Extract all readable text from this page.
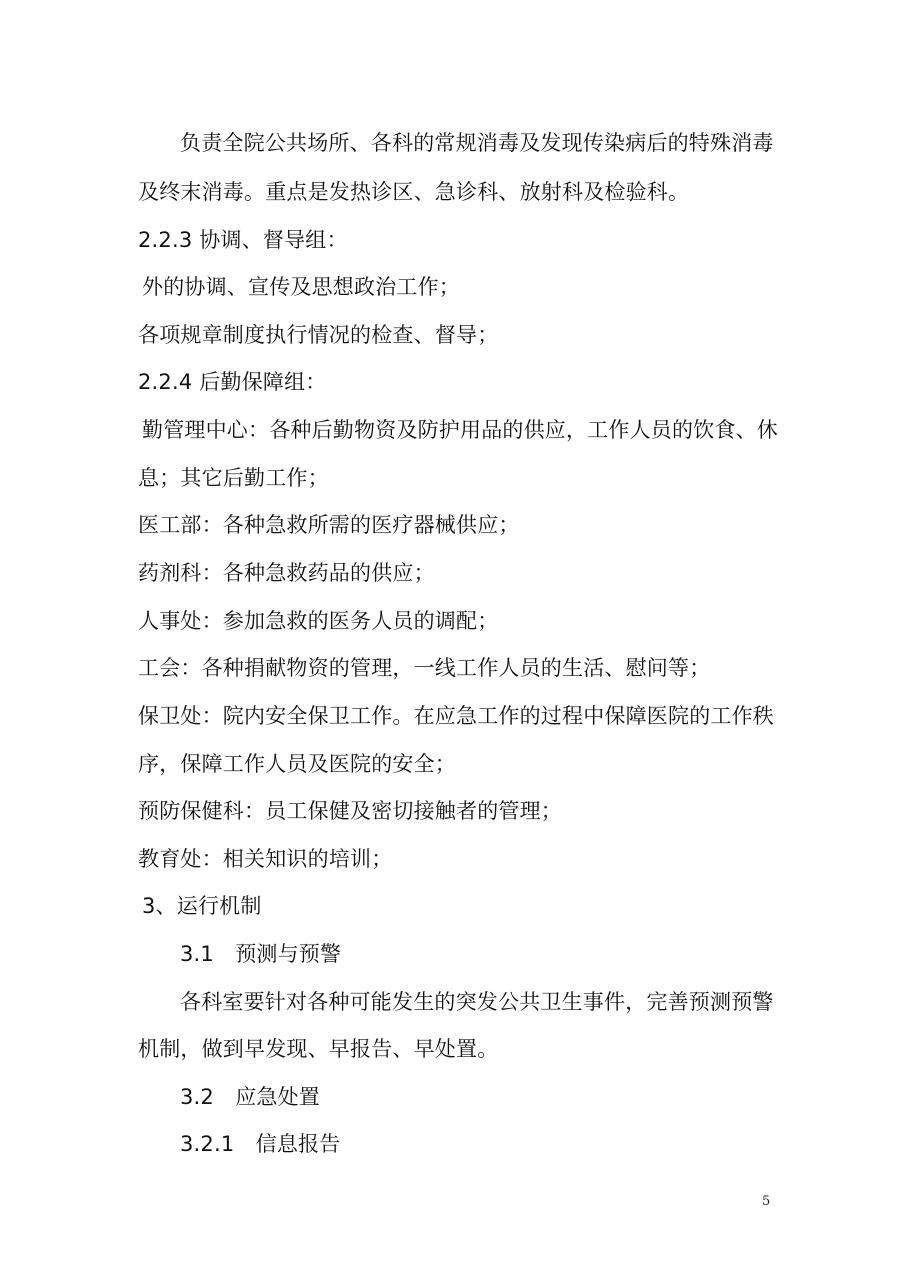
负责全院公共场所、各科的常规消毒及发现传染病后的特殊消毒
及终末消毒。重点是发热诊区、急诊科、放射科及检验科。
2.2.3 协调、督导组：
外的协调、宣传及思想政治工作；
各项规章制度执行情况的检查、督导；
2.2.4 后勤保障组：
勤管理中心：各种后勤物资及防护用品的供应，工作人员的饮食、休
息；其它后勤工作；
医工部：各种急救所需的医疗器械供应；
药剂科：各种急救药品的供应；
人事处：参加急救的医务人员的调配；
工会：各种捐献物资的管理，一线工作人员的生活、慰问等；
保卫处：院内安全保卫工作。在应急工作的过程中保障医院的工作秩
序，保障工作人员及医院的安全；
预防保健科：员工保健及密切接触者的管理；
教育处：相关知识的培训；
3、运行机制
3.1　预测与预警
各科室要针对各种可能发生的突发公共卫生事件，完善预测预警
机制，做到早发现、早报告、早处置。
3.2　应急处置
3.2.1　信息报告
5
